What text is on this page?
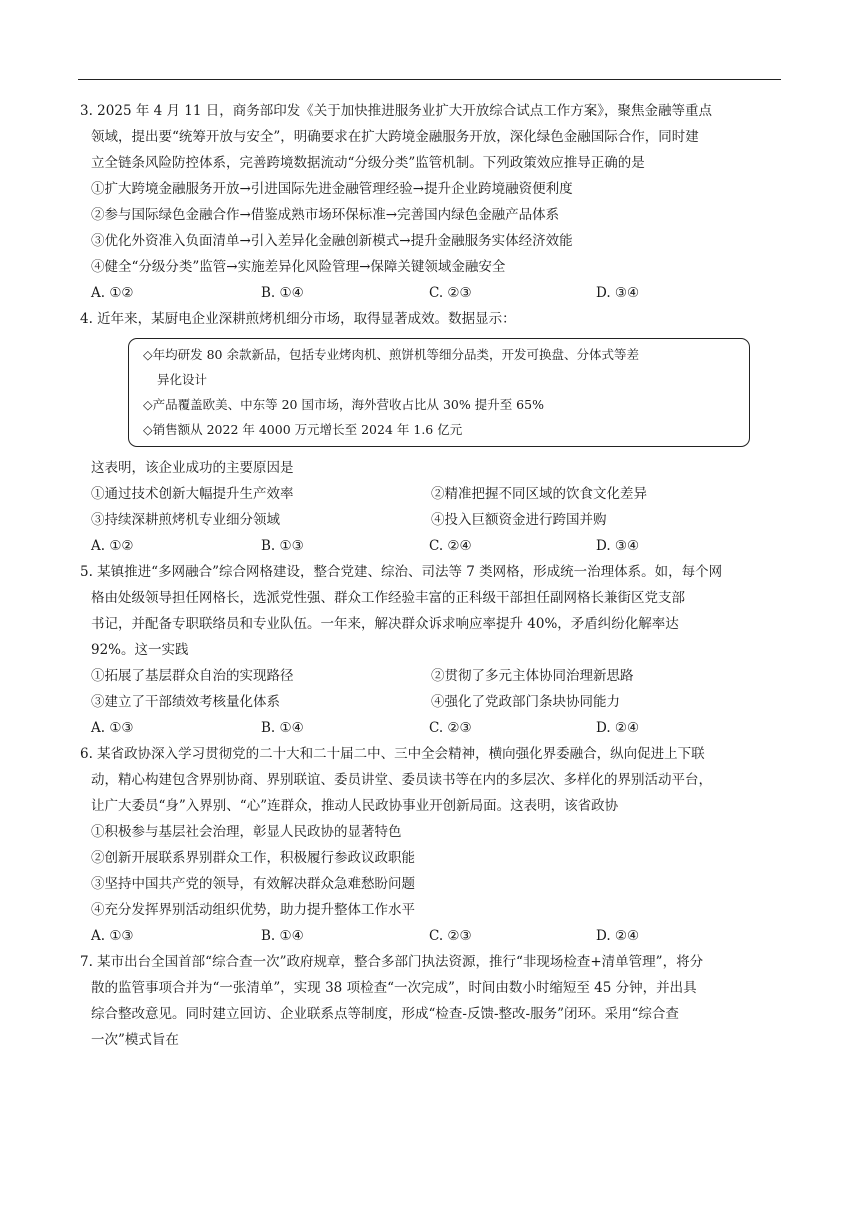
3. 2025 年 4 月 11 日，商务部印发《关于加快推进服务业扩大开放综合试点工作方案》，聚焦金融等重点
领域，提出要“统筹开放与安全”，明确要求在扩大跨境金融服务开放，深化绿色金融国际合作，同时建
立全链条风险防控体系，完善跨境数据流动“分级分类”监管机制。下列政策效应推导正确的是
①扩大跨境金融服务开放→引进国际先进金融管理经验→提升企业跨境融资便利度
②参与国际绿色金融合作→借鉴成熟市场环保标准→完善国内绿色金融产品体系
③优化外资准入负面清单→引入差异化金融创新模式→提升金融服务实体经济效能
④健全“分级分类”监管→实施差异化风险管理→保障关键领域金融安全
A. ①②	B. ①④	C. ②③	D. ③④
4. 近年来，某厨电企业深耕煎烤机细分市场，取得显著成效。数据显示：
◇年均研发 80 余款新品，包括专业烤肉机、煎饼机等细分品类，开发可换盘、分体式等差
异化设计
◇产品覆盖欧美、中东等 20 国市场，海外营收占比从 30% 提升至 65%
◇销售额从 2022 年 4000 万元增长至 2024 年 1.6 亿元
这表明，该企业成功的主要原因是
①通过技术创新大幅提升生产效率	②精准把握不同区域的饮食文化差异
③持续深耕煎烤机专业细分领域	④投入巨额资金进行跨国并购
A. ①②	B. ①③	C. ②④	D. ③④
5. 某镇推进“多网融合”综合网格建设，整合党建、综治、司法等 7 类网格，形成统一治理体系。如，每个网
格由处级领导担任网格长，选派党性强、群众工作经验丰富的正科级干部担任副网格长兼街区党支部
书记，并配备专职联络员和专业队伍。一年来，解决群众诉求响应率提升 40%，矛盾纠纷化解率达
92%。这一实践
①拓展了基层群众自治的实现路径	②贯彻了多元主体协同治理新思路
③建立了干部绩效考核量化体系	④强化了党政部门条块协同能力
A. ①③	B. ①④	C. ②③	D. ②④
6. 某省政协深入学习贯彻党的二十大和二十届二中、三中全会精神，横向强化界委融合，纵向促进上下联
动，精心构建包含界别协商、界别联谊、委员讲堂、委员读书等在内的多层次、多样化的界别活动平台，
让广大委员“身”入界别、“心”连群众，推动人民政协事业开创新局面。这表明，该省政协
①积极参与基层社会治理，彰显人民政协的显著特色
②创新开展联系界别群众工作，积极履行参政议政职能
③坚持中国共产党的领导，有效解决群众急难愁盼问题
④充分发挥界别活动组织优势，助力提升整体工作水平
A. ①③	B. ①④	C. ②③	D. ②④
7. 某市出台全国首部“综合查一次”政府规章，整合多部门执法资源，推行“非现场检查+清单管理”，将分
散的监管事项合并为“一张清单”，实现 38 项检查“一次完成”，时间由数小时缩短至 45 分钟，并出具
综合整改意见。同时建立回访、企业联系点等制度，形成“检查-反馈-整改-服务”闭环。采用“综合查
一次”模式旨在
